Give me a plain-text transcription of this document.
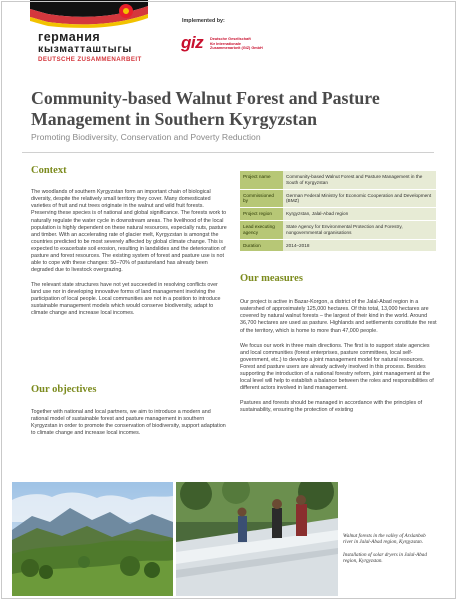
германия
кызматташтыгы
DEUTSCHE ZUSAMMENARBEIT
Implemented by:
giz Deutsche Gesellschaft
für Internationale
Zusammenarbeit (GIZ) GmbH
Community-based Walnut Forest and Pasture Management in Southern Kyrgyzstan
Promoting Biodiversity, Conservation and Poverty Reduction
Context

The woodlands of southern Kyrgyzstan form an important chain of biological diversity, despite the relatively small territory they cover. Many domesticated varieties of fruit and nut trees originate in the walnut and wild fruit forests. Preserving these species is of national and global significance. The forests work to naturally regulate the water cycle in downstream areas. The livelihood of the local population is highly dependent on these natural resources, especially nuts, pasture and timber. With an accelerating rate of glacier melt, Kyrgyzstan is amongst the countries predicted to be most severely affected by global climate change. This is expected to exacerbate soil erosion, resulting in landslides and the deterioration of pasture and forest resources. The existing system of forest and pasture use is not able to cope with these changes: 50–70% of pastureland has already been degraded due to livestock overgrazing.

The relevant state structures have not yet succeeded in resolving conflicts over land use nor in developing innovative forms of land management involving the participation of local people. Local communities are not in a position to introduce sustainable management models which would conserve biodiversity, adapt to climate change and increase local incomes.

Our objectives

Together with national and local partners, we aim to introduce a modern and rational model of sustainable forest and pasture management in southern Kyrgyzstan in order to promote the conservation of biodiversity, support adaptation to climate change and increase local incomes.

Project name	Community-based Walnut Forest and Pasture Management in the South of Kyrgyzstan
Commissioned by	German Federal Ministry for Economic Cooperation and Development (BMZ)
Project region	Kyrgyzstan, Jalal-Abad region
Lead executing agency	State Agency for Environmental Protection and Forestry, nongovernmental organisations
Duration	2014–2018
Our measures

Our project is active in Bazar-Korgon, a district of the Jalal-Abad region in a watershed of approximately 125,000 hectares. Of this total, 13,000 hectares are covered by natural walnut forests – the largest of their kind in the world. Around 36,700 hectares are used as pasture. Highlands and settlements constitute the rest of the territory, which is home to more than 47,000 people.

We focus our work in three main directions. The first is to support state agencies and local communities (forest enterprises, pasture committees, local self-government, etc.) to develop a joint management model for natural resources. Forest and pasture users are already actively involved in this process. Besides supporting the introduction of a national forestry reform, joint management at the local level will help to establish a balance between the roles and responsibilities of different actors involved in land management.

Pastures and forests should be managed in accordance with the principles of sustainability, ensuring the protection of existing

Walnut forests in the valley of Arslanbob river in Jalal-Abad region, Kyrgyzstan.
Installation of solar dryers in Jalal-Abad region, Kyrgyzstan.
